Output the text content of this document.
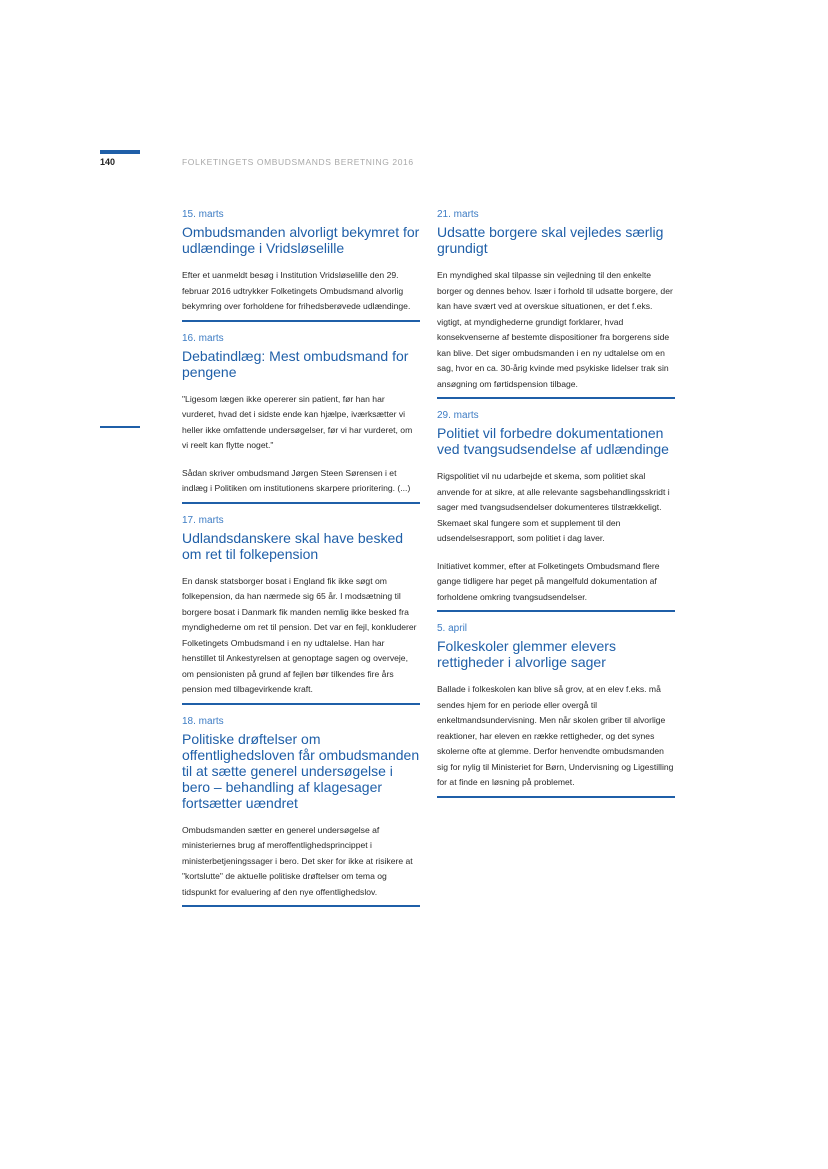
140	FOLKETINGETS OMBUDSMANDS BERETNING 2016
15. marts
Ombudsmanden alvorligt bekymret for udlændinge i Vridsløselille

Efter et uanmeldt besøg i Institution Vridsløselille den 29. februar 2016 udtrykker Folketingets Ombudsmand alvorlig bekymring over forholdene for frihedsberøvede udlændinge.

16. marts
Debatindlæg: Mest ombudsmand for pengene

"Ligesom lægen ikke opererer sin patient, før han har vurderet, hvad det i sidste ende kan hjælpe, iværksætter vi heller ikke omfattende undersøgelser, før vi har vurderet, om vi reelt kan flytte noget."

Sådan skriver ombudsmand Jørgen Steen Sørensen i et indlæg i Politiken om institutionens skarpere prioritering. (...)

17. marts
Udlandsdanskere skal have besked om ret til folkepension

En dansk statsborger bosat i England fik ikke søgt om folkepension, da han nærmede sig 65 år. I modsætning til borgere bosat i Danmark fik manden nemlig ikke besked fra myndighederne om ret til pension. Det var en fejl, konkluderer Folketingets Ombudsmand i en ny udtalelse. Han har henstillet til Ankestyrelsen at genoptage sagen og overveje, om pensionisten på grund af fejlen bør tilkendes fire års pension med tilbagevirkende kraft.

18. marts
Politiske drøftelser om offentlighedsloven får ombudsmanden til at sætte generel undersøgelse i bero – behandling af klagesager fortsætter uændret

Ombudsmanden sætter en generel undersøgelse af ministeriernes brug af meroffentlighedsprincippet i ministerbetjeningssager i bero. Det sker for ikke at risikere at "kortslutte" de aktuelle politiske drøftelser om tema og tidspunkt for evaluering af den nye offentlighedslov.

21. marts
Udsatte borgere skal vejledes særlig grundigt

En myndighed skal tilpasse sin vejledning til den enkelte borger og dennes behov. Især i forhold til udsatte borgere, der kan have svært ved at overskue situationen, er det f.eks. vigtigt, at myndighederne grundigt forklarer, hvad konsekvenserne af bestemte dispositioner fra borgerens side kan blive. Det siger ombudsmanden i en ny udtalelse om en sag, hvor en ca. 30-årig kvinde med psykiske lidelser trak sin ansøgning om førtidspension tilbage.

29. marts
Politiet vil forbedre dokumentationen ved tvangsudsendelse af udlændinge

Rigspolitiet vil nu udarbejde et skema, som politiet skal anvende for at sikre, at alle relevante sagsbehandlingsskridt i sager med tvangsudsendelser dokumenteres tilstrækkeligt. Skemaet skal fungere som et supplement til den udsendelsesrapport, som politiet i dag laver.

Initiativet kommer, efter at Folketingets Ombudsmand flere gange tidligere har peget på mangelfuld dokumentation af forholdene omkring tvangsudsendelser.

5. april
Folkeskoler glemmer elevers rettigheder i alvorlige sager

Ballade i folkeskolen kan blive så grov, at en elev f.eks. må sendes hjem for en periode eller overgå til enkeltmandsundervisning. Men når skolen griber til alvorlige reaktioner, har eleven en række rettigheder, og det synes skolerne ofte at glemme. Derfor henvendte ombudsmanden sig for nylig til Ministeriet for Børn, Undervisning og Ligestilling for at finde en løsning på problemet.
